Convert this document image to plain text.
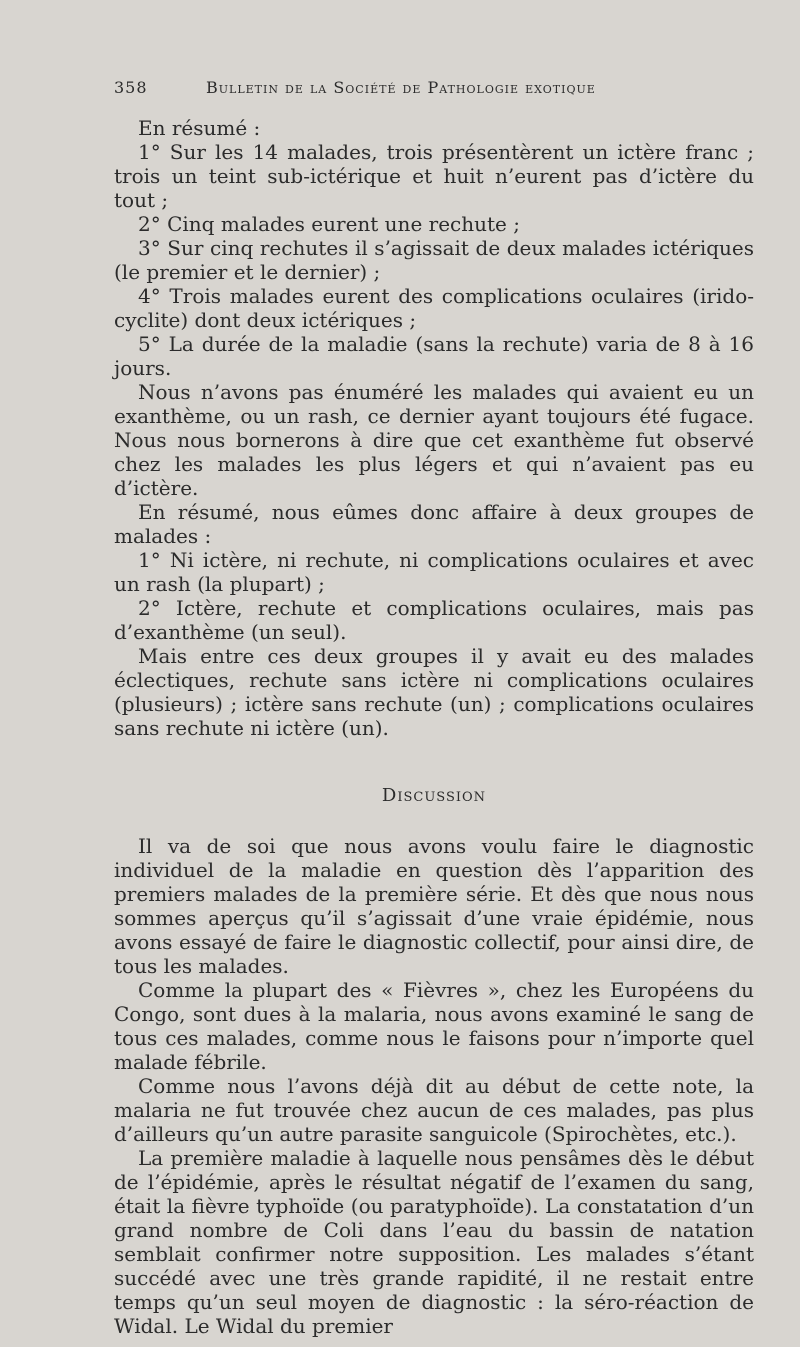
358	Bulletin de la Société de Pathologie exotique

En résumé :

1° Sur les 14 malades, trois présentèrent un ictère franc ; trois un teint sub-ictérique et huit n’eurent pas d’ictère du tout ;

2° Cinq malades eurent une rechute ;

3° Sur cinq rechutes il s’agissait de deux malades ictériques (le premier et le dernier) ;

4° Trois malades eurent des complications oculaires (irido-cyclite) dont deux ictériques ;

5° La durée de la maladie (sans la rechute) varia de 8 à 16 jours.

Nous n’avons pas énuméré les malades qui avaient eu un exanthème, ou un rash, ce dernier ayant toujours été fugace. Nous nous bornerons à dire que cet exanthème fut observé chez les malades les plus légers et qui n’avaient pas eu d’ictère.

En résumé, nous eûmes donc affaire à deux groupes de malades :

1° Ni ictère, ni rechute, ni complications oculaires et avec un rash (la plupart) ;

2° Ictère, rechute et complications oculaires, mais pas d’exanthème (un seul).

Mais entre ces deux groupes il y avait eu des malades éclectiques, rechute sans ictère ni complications oculaires (plusieurs) ; ictère sans rechute (un) ; complications oculaires sans rechute ni ictère (un).

Discussion

Il va de soi que nous avons voulu faire le diagnostic individuel de la maladie en question dès l’apparition des premiers malades de la première série. Et dès que nous nous sommes aperçus qu’il s’agissait d’une vraie épidémie, nous avons essayé de faire le diagnostic collectif, pour ainsi dire, de tous les malades.

Comme la plupart des « Fièvres », chez les Européens du Congo, sont dues à la malaria, nous avons examiné le sang de tous ces malades, comme nous le faisons pour n’importe quel malade fébrile.

Comme nous l’avons déjà dit au début de cette note, la malaria ne fut trouvée chez aucun de ces malades, pas plus d’ailleurs qu’un autre parasite sanguicole (Spirochètes, etc.).

La première maladie à laquelle nous pensâmes dès le début de l’épidémie, après le résultat négatif de l’examen du sang, était la fièvre typhoïde (ou paratyphoïde). La constatation d’un grand nombre de Coli dans l’eau du bassin de natation semblait confirmer notre supposition. Les malades s’étant succédé avec une très grande rapidité, il ne restait entre temps qu’un seul moyen de diagnostic : la séro-réaction de Widal. Le Widal du premier
